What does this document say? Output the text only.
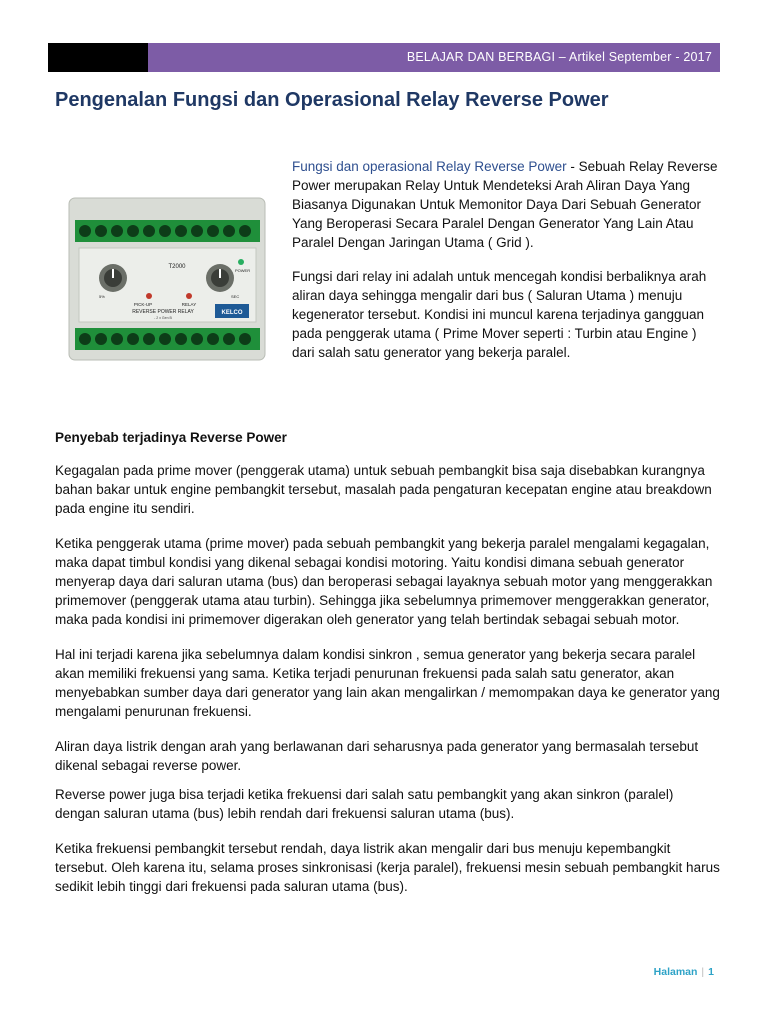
BELAJAR DAN BERBAGI – Artikel September - 2017
Pengenalan Fungsi dan Operasional Relay Reverse Power
T2000
PICK-UP	RELAY
5%	SEC
POWER
REVERSE POWER RELAY
- 2 x Gen B
KELCO

Fungsi dan operasional Relay Reverse Power - Sebuah Relay Reverse Power merupakan Relay Untuk Mendeteksi Arah Aliran Daya Yang Biasanya Digunakan Untuk Memonitor Daya Dari Sebuah Generator Yang Beroperasi Secara Paralel Dengan Generator Yang Lain Atau Paralel Dengan Jaringan Utama ( Grid ).

Fungsi dari relay ini adalah untuk mencegah kondisi berbaliknya arah aliran daya sehingga mengalir dari bus ( Saluran Utama ) menuju kegenerator tersebut. Kondisi ini muncul karena terjadinya gangguan pada penggerak utama ( Prime Mover seperti : Turbin atau Engine ) dari salah satu generator yang bekerja paralel.

Penyebab terjadinya Reverse Power

Kegagalan pada prime mover (penggerak utama) untuk sebuah pembangkit bisa saja disebabkan kurangnya bahan bakar untuk engine pembangkit tersebut, masalah pada pengaturan kecepatan engine atau breakdown pada engine itu sendiri.

Ketika penggerak utama (prime mover) pada sebuah pembangkit yang bekerja paralel mengalami kegagalan, maka dapat timbul kondisi yang dikenal sebagai kondisi motoring. Yaitu kondisi dimana sebuah generator menyerap daya dari saluran utama (bus) dan beroperasi sebagai layaknya sebuah motor yang menggerakkan primemover (penggerak utama atau turbin). Sehingga jika sebelumnya primemover menggerakkan generator, maka pada kondisi ini primemover digerakan oleh generator yang telah bertindak sebagai sebuah motor.

Hal ini terjadi karena jika sebelumnya dalam kondisi sinkron , semua generator yang bekerja secara paralel akan memiliki frekuensi yang sama. Ketika terjadi penurunan frekuensi pada salah satu generator, akan menyebabkan sumber daya dari generator yang lain akan mengalirkan / memompakan daya ke generator yang mengalami penurunan frekuensi.

Aliran daya listrik dengan arah yang berlawanan dari seharusnya pada generator yang bermasalah tersebut dikenal sebagai reverse power.

Reverse power juga bisa terjadi ketika frekuensi dari salah satu pembangkit yang akan sinkron (paralel) dengan saluran utama (bus) lebih rendah dari frekuensi saluran utama (bus).

Ketika frekuensi pembangkit tersebut rendah, daya listrik akan mengalir dari bus menuju kepembangkit tersebut. Oleh karena itu, selama proses sinkronisasi (kerja paralel), frekuensi mesin sebuah pembangkit harus sedikit lebih tinggi dari frekuensi pada saluran utama (bus).

Halaman | 1
